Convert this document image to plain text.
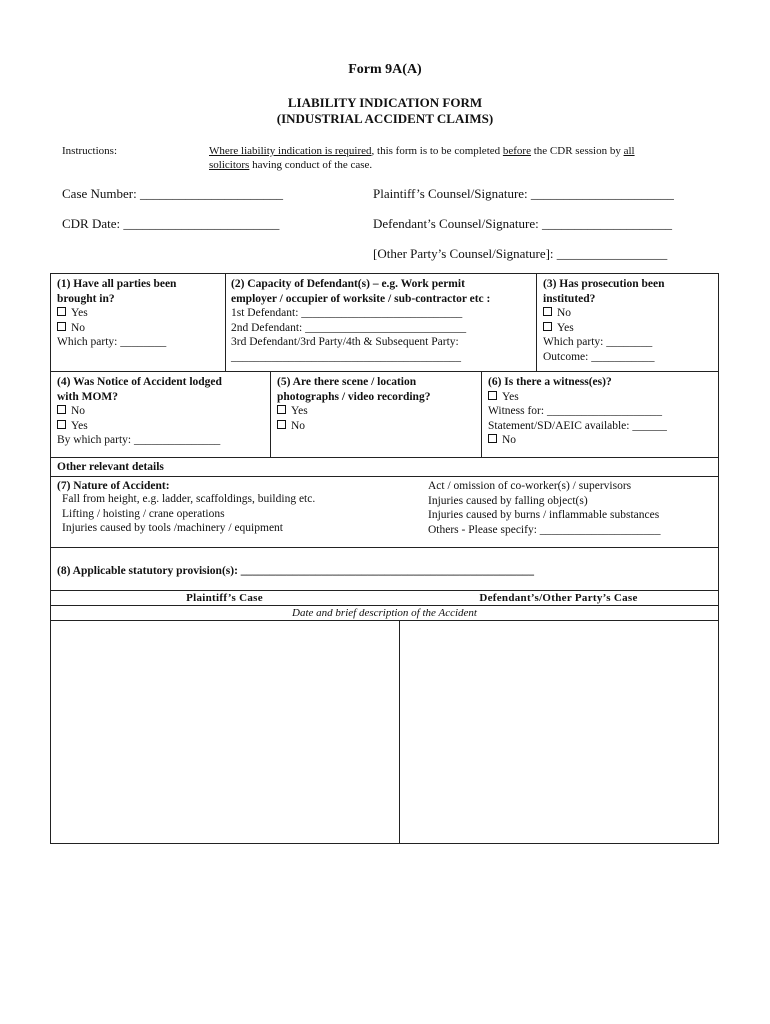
Form 9A(A)
LIABILITY INDICATION FORM
(INDUSTRIAL ACCIDENT CLAIMS)
Instructions:	Where liability indication is required, this form is to be completed before the CDR session by all
solicitors having conduct of the case.
Case Number: ______________________	Plaintiff’s Counsel/Signature: ______________________
CDR Date: ________________________	Defendant’s Counsel/Signature: ____________________
[Other Party’s Counsel/Signature]: _________________
(1) Have all parties been
brought in?
Yes
No
Which party: ________
(2) Capacity of Defendant(s) – e.g. Work permit
employer / occupier of worksite / sub-contractor etc :
1st Defendant: ____________________________
2nd Defendant: ____________________________
3rd Defendant/3rd Party/4th & Subsequent Party:
________________________________________
(3) Has prosecution been
instituted?
No
Yes
Which party: ________
Outcome: ___________
(4) Was Notice of Accident lodged
with MOM?
No
Yes
By which party: _______________
(5) Are there scene / location
photographs / video recording?
Yes
No
(6) Is there a witness(es)?
Yes
Witness for: ____________________
Statement/SD/AEIC available: ______
No
Other relevant details
(7) Nature of Accident:
Fall from height, e.g. ladder, scaffoldings, building etc.
Lifting / hoisting / crane operations
Injuries caused by tools /machinery / equipment
Act / omission of co-worker(s) / supervisors
Injuries caused by falling object(s)
Injuries caused by burns / inflammable substances
Others - Please specify: _____________________
(8) Applicable statutory provision(s): ___________________________________________________
Plaintiff’s Case	Defendant’s/Other Party’s Case
Date and brief description of the Accident
